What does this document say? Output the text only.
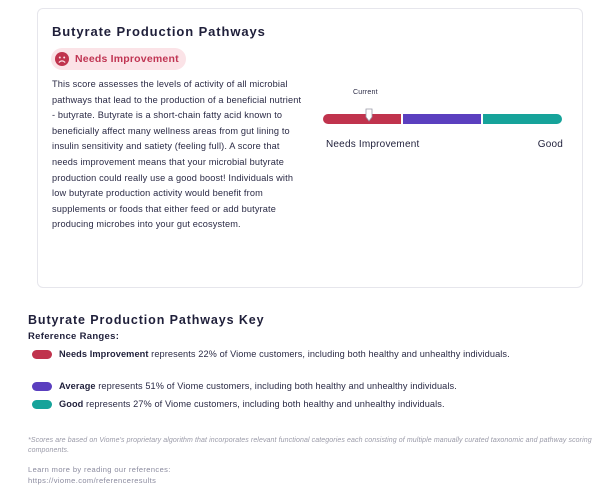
Butyrate Production Pathways
Needs Improvement

This score assesses the levels of activity of all microbial pathways that lead to the production of a beneficial nutrient - butyrate. Butyrate is a short-chain fatty acid known to beneficially affect many wellness areas from gut lining to insulin sensitivity and satiety (feeling full). A score that needs improvement means that your microbial butyrate production could really use a good boost! Individuals with low butyrate production activity would benefit from supplements or foods that either feed or add butyrate producing microbes into your gut ecosystem.

Current
Needs Improvement	Good
Butyrate Production Pathways Key
Reference Ranges:
Needs Improvement represents 22% of Viome customers, including both healthy and unhealthy individuals.
Average represents 51% of Viome customers, including both healthy and unhealthy individuals.
Good represents 27% of Viome customers, including both healthy and unhealthy individuals.

*Scores are based on Viome's proprietary algorithm that incorporates relevant functional categories each consisting of multiple manually curated taxonomic and pathway scoring components.

Learn more by reading our references:
https://viome.com/referenceresults
